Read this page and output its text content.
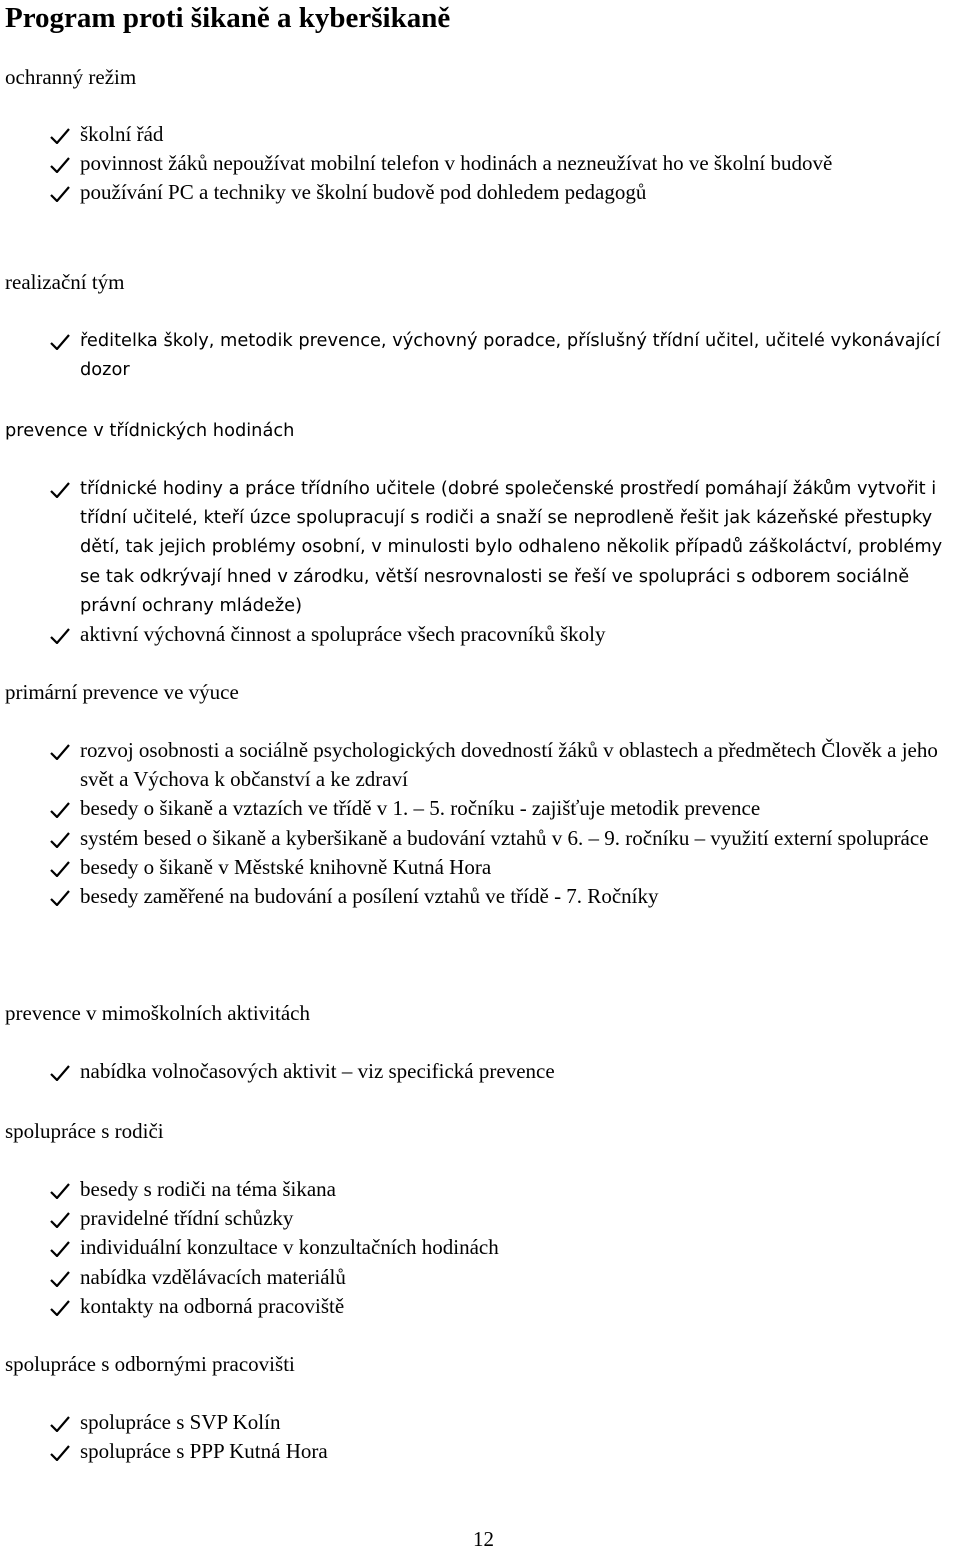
Program proti šikaně a kyberšikaně
ochranný režim
školní řád
povinnost žáků nepoužívat mobilní telefon v hodinách a nezneužívat ho ve školní budově
používání PC a techniky ve školní budově pod dohledem pedagogů
realizační tým
ředitelka školy, metodik prevence, výchovný poradce, příslušný třídní učitel, učitelé vykonávající dozor
prevence v třídnických hodinách
třídnické hodiny a práce třídního učitele (dobré společenské prostředí pomáhají žákům vytvořit i třídní učitelé, kteří úzce spolupracují s rodiči a snaží se neprodleně řešit jak kázeňské přestupky dětí, tak jejich problémy osobní, v minulosti bylo odhaleno několik případů záškoláctví, problémy se tak odkrývají hned v zárodku, větší nesrovnalosti se řeší ve spolupráci s odborem sociálně právní ochrany mládeže)
aktivní výchovná činnost a spolupráce všech pracovníků školy
primární prevence ve výuce
rozvoj osobnosti a sociálně psychologických dovedností žáků v oblastech a předmětech Člověk a jeho svět a Výchova k občanství a ke zdraví
besedy o šikaně a vztazích ve třídě v 1. – 5. ročníku - zajišťuje metodik prevence
systém besed o šikaně a kyberšikaně a budování vztahů v 6. – 9. ročníku – využití externí spolupráce
besedy o šikaně v Městské knihovně Kutná Hora
besedy zaměřené na budování a posílení vztahů ve třídě - 7. Ročníky
prevence v mimoškolních aktivitách
nabídka volnočasových aktivit – viz specifická prevence
spolupráce s rodiči
besedy s rodiči na téma šikana
pravidelné třídní schůzky
individuální konzultace v konzultačních hodinách
nabídka vzdělávacích materiálů
kontakty na odborná pracoviště
spolupráce s odbornými pracovišti
spolupráce s SVP Kolín
spolupráce s PPP Kutná Hora
12
